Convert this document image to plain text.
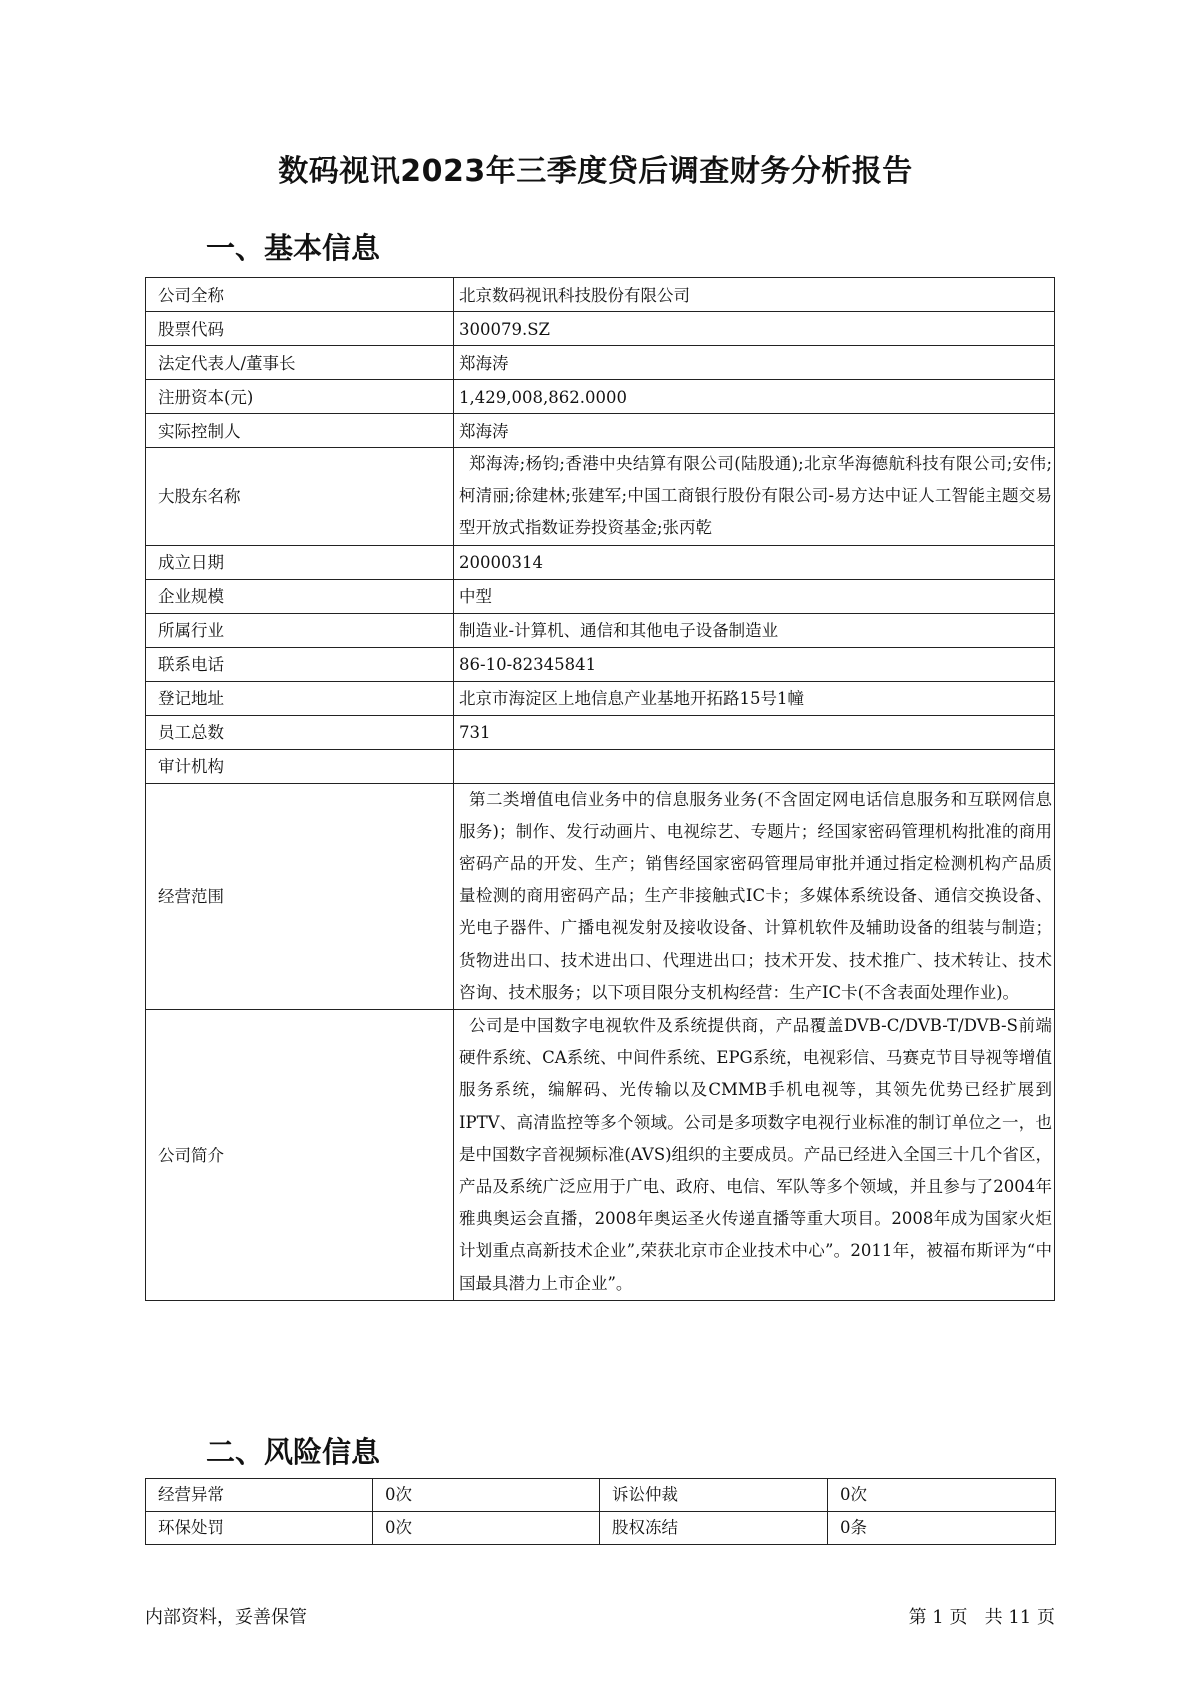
数码视讯2023年三季度贷后调查财务分析报告
一、基本信息
公司全称	北京数码视讯科技股份有限公司
股票代码	300079.SZ
法定代表人/董事长	郑海涛
注册资本(元)	1,429,008,862.0000
实际控制人	郑海涛
大股东名称	郑海涛;杨钧;香港中央结算有限公司(陆股通);北京华海德航科技有限公司;安伟;柯清丽;徐建林;张建军;中国工商银行股份有限公司-易方达中证人工智能主题交易型开放式指数证券投资基金;张丙乾
成立日期	20000314
企业规模	中型
所属行业	制造业-计算机、通信和其他电子设备制造业
联系电话	86-10-82345841
登记地址	北京市海淀区上地信息产业基地开拓路15号1幢
员工总数	731
审计机构	
经营范围	第二类增值电信业务中的信息服务业务(不含固定网电话信息服务和互联网信息服务)；制作、发行动画片、电视综艺、专题片；经国家密码管理机构批准的商用密码产品的开发、生产；销售经国家密码管理局审批并通过指定检测机构产品质量检测的商用密码产品；生产非接触式IC卡；多媒体系统设备、通信交换设备、光电子器件、广播电视发射及接收设备、计算机软件及辅助设备的组装与制造；货物进出口、技术进出口、代理进出口；技术开发、技术推广、技术转让、技术咨询、技术服务；以下项目限分支机构经营：生产IC卡(不含表面处理作业)。
公司简介	公司是中国数字电视软件及系统提供商，产品覆盖DVB-C/DVB-T/DVB-S前端硬件系统、CA系统、中间件系统、EPG系统，电视彩信、马赛克节目导视等增值服务系统，编解码、光传输以及CMMB手机电视等，其领先优势已经扩展到IPTV、高清监控等多个领域。公司是多项数字电视行业标准的制订单位之一，也是中国数字音视频标准(AVS)组织的主要成员。产品已经进入全国三十几个省区，产品及系统广泛应用于广电、政府、电信、军队等多个领域，并且参与了2004年雅典奥运会直播，2008年奥运圣火传递直播等重大项目。2008年成为国家火炬计划重点高新技术企业”,荣获北京市企业技术中心”。2011年，被福布斯评为“中国最具潜力上市企业”。
二、风险信息
经营异常	0次	诉讼仲裁	0次
环保处罚	0次	股权冻结	0条
内部资料，妥善保管	第 1 页   共 11 页
